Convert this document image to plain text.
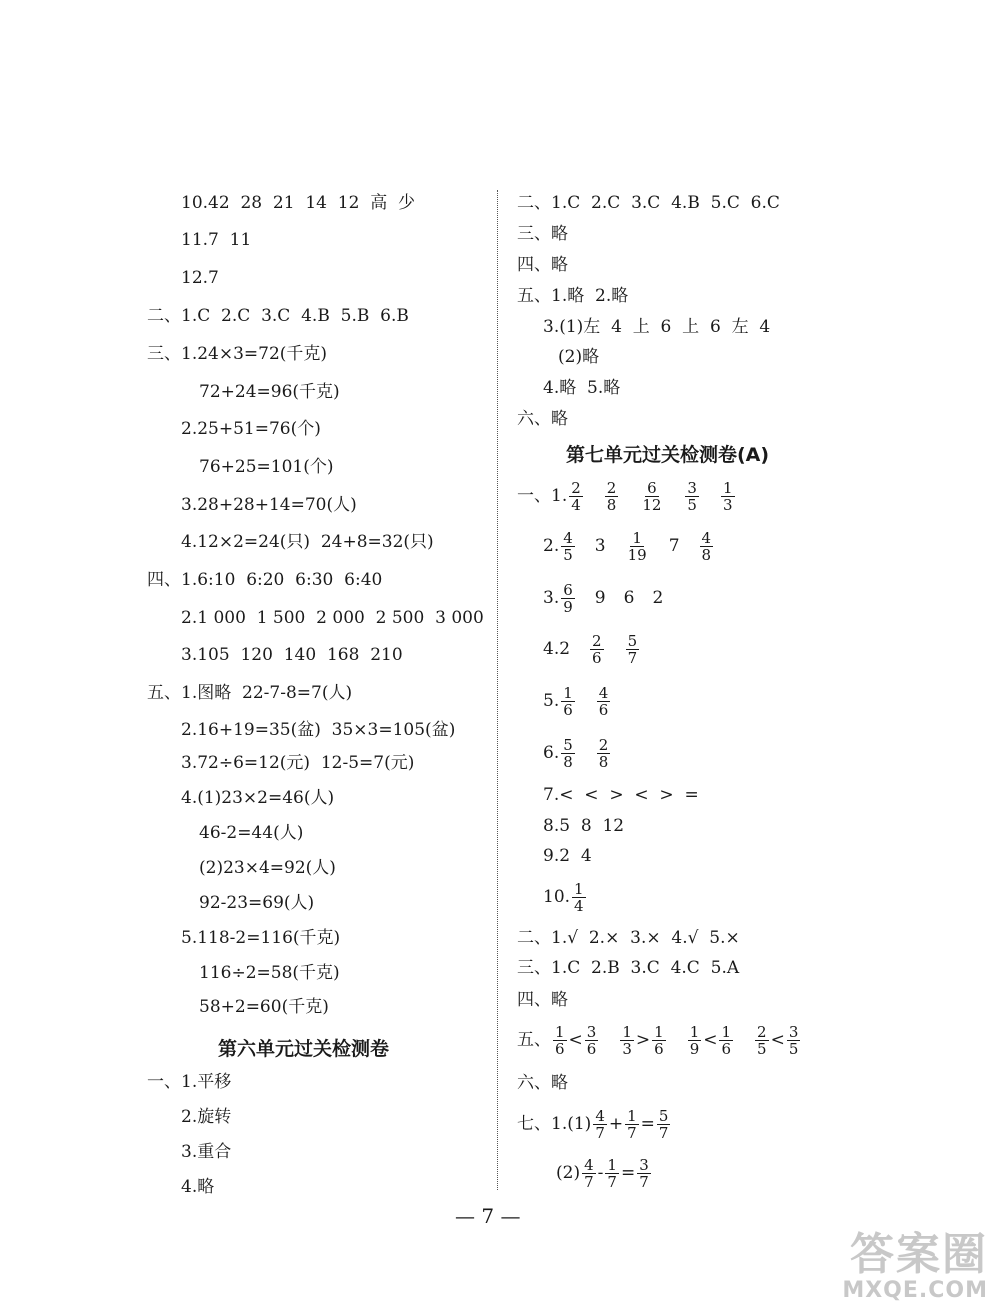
10.42  28  21  14  12  高  少
11.7  11
12.7
二、1.C  2.C  3.C  4.B  5.B  6.B
三、1.24×3=72(千克)
72+24=96(千克)
2.25+51=76(个)
76+25=101(个)
3.28+28+14=70(人)
4.12×2=24(只)  24+8=32(只)
四、1.6:10  6:20  6:30  6:40
2.1 000  1 500  2 000  2 500  3 000
3.105  120  140  168  210
五、1.图略  22-7-8=7(人)
2.16+19=35(盆)  35×3=105(盆)
3.72÷6=12(元)  12-5=7(元)
4.(1)23×2=46(人)
46-2=44(人)
(2)23×4=92(人)
92-23=69(人)
5.118-2=116(千克)
116÷2=58(千克)
58+2=60(千克)
第六单元过关检测卷
一、1.平移
2.旋转
3.重合
4.略
二、1.C  2.C  3.C  4.B  5.C  6.C
三、略
四、略
五、1.略  2.略
3.(1)左  4  上  6  上  6  左  4
(2)略
4.略  5.略
六、略
第七单元过关检测卷(A)
一、1. $\frac{2}{4} \frac{2}{8} \frac{6}{12} \frac{3}{5} \frac{1}{3}$
2. $\frac{4}{5} 3 \frac{1}{19} 7 \frac{4}{8}$
3. $\frac{6}{9} 9$ 6 2
$4.2 \frac{2}{6} \frac{5}{7}$
5. $\frac{1}{6} \frac{4}{6}$
6. $\frac{5}{8} \frac{2}{8}$
7.<  <  >  <  >  =
8.5  8  12
9.2  4
10. $\frac{1}{4}$
二、1.√  2.×  3.×  4.√  5.×
三、1.C  2.B  3.C  4.C  5.A
四、略
五、 $\frac{1}{6} < \frac{3}{6} \frac{1}{3} > \frac{1}{6} \frac{1}{9} < \frac{1}{6} \frac{2}{5} < \frac{3}{5}$
六、略
七、$1.(1) \frac{4}{7} + \frac{1}{7} = \frac{5}{7}$
$(2) \frac{4}{7} - \frac{1}{7} = \frac{3}{7}$
— 7 —
答案圈
MXQE.COM
